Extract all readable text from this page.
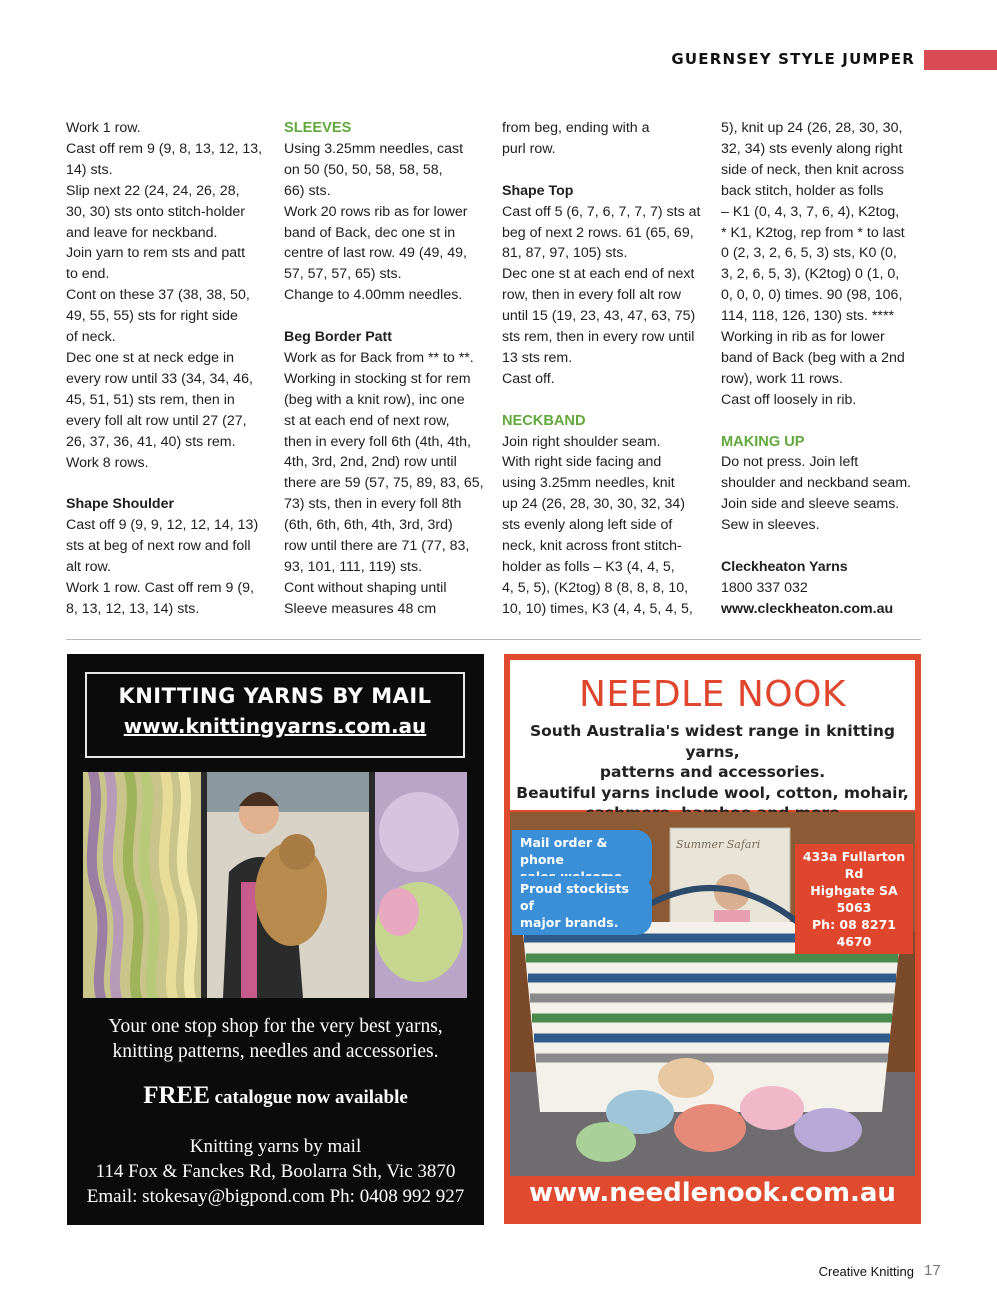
GUERNSEY STYLE JUMPER

Work 1 row.

Cast off rem 9 (9, 8, 13, 12, 13,

14) sts.

Slip next 22 (24, 24, 26, 28,

30, 30) sts onto stitch-holder

and leave for neckband.

Join yarn to rem sts and patt

to end.

Cont on these 37 (38, 38, 50,

49, 55, 55) sts for right side

of neck.

Dec one st at neck edge in

every row until 33 (34, 34, 46,

45, 51, 51) sts rem, then in

every foll alt row until 27 (27,

26, 37, 36, 41, 40) sts rem.

Work 8 rows.

Shape Shoulder

Cast off 9 (9, 9, 12, 12, 14, 13)

sts at beg of next row and foll

alt row.

Work 1 row. Cast off rem 9 (9,

8, 13, 12, 13, 14) sts.

SLEEVES

Using 3.25mm needles, cast

on 50 (50, 50, 58, 58, 58,

66) sts.

Work 20 rows rib as for lower

band of Back, dec one st in

centre of last row. 49 (49, 49,

57, 57, 57, 65) sts.

Change to 4.00mm needles.

Beg Border Patt

Work as for Back from ** to **.

Working in stocking st for rem

(beg with a knit row), inc one

st at each end of next row,

then in every foll 6th (4th, 4th,

4th, 3rd, 2nd, 2nd) row until

there are 59 (57, 75, 89, 83, 65,

73) sts, then in every foll 8th

(6th, 6th, 6th, 4th, 3rd, 3rd)

row until there are 71 (77, 83,

93, 101, 111, 119) sts.

Cont without shaping until

Sleeve measures 48 cm

from beg, ending with a

purl row.

Shape Top

Cast off 5 (6, 7, 6, 7, 7, 7) sts at

beg of next 2 rows. 61 (65, 69,

81, 87, 97, 105) sts.

Dec one st at each end of next

row, then in every foll alt row

until 15 (19, 23, 43, 47, 63, 75)

sts rem, then in every row until

13 sts rem.

Cast off.

NECKBAND

Join right shoulder seam.

With right side facing and

using 3.25mm needles, knit

up 24 (26, 28, 30, 30, 32, 34)

sts evenly along left side of

neck, knit across front stitch-

holder as folls – K3 (4, 4, 5,

4, 5, 5), (K2tog) 8 (8, 8, 8, 10,

10, 10) times, K3 (4, 4, 5, 4, 5,

5), knit up 24 (26, 28, 30, 30,

32, 34) sts evenly along right

side of neck, then knit across

back stitch, holder as folls

– K1 (0, 4, 3, 7, 6, 4), K2tog,

* K1, K2tog, rep from * to last

0 (2, 3, 2, 6, 5, 3) sts, K0 (0,

3, 2, 6, 5, 3), (K2tog) 0 (1, 0,

0, 0, 0, 0) times. 90 (98, 106,

114, 118, 126, 130) sts. ****

Working in rib as for lower

band of Back (beg with a 2nd

row), work 11 rows.

Cast off loosely in rib.

MAKING UP

Do not press. Join left

shoulder and neckband seam.

Join side and sleeve seams.

Sew in sleeves.

Cleckheaton Yarns

1800 337 032

www.cleckheaton.com.au

KNITTING YARNS BY MAIL
www.knittingyarns.com.au
Your one stop shop for the very best yarns,
knitting patterns, needles and accessories.
FREE catalogue now available
Knitting yarns by mail
114 Fox & Fanckes Rd, Boolarra Sth, Vic 3870
Email: stokesay@bigpond.com Ph: 0408 992 927
NEEDLE NOOK
South Australia's widest range in knitting yarns,
patterns and accessories.
Beautiful yarns include wool, cotton, mohair,
Summer Safari
Mail order & phone
Proud stockists of
major brands.
433a Fullarton Rd
Highgate SA 5063
Ph: 08 8271 4670
www.needlenook.com.au
Creative Knitting 17
